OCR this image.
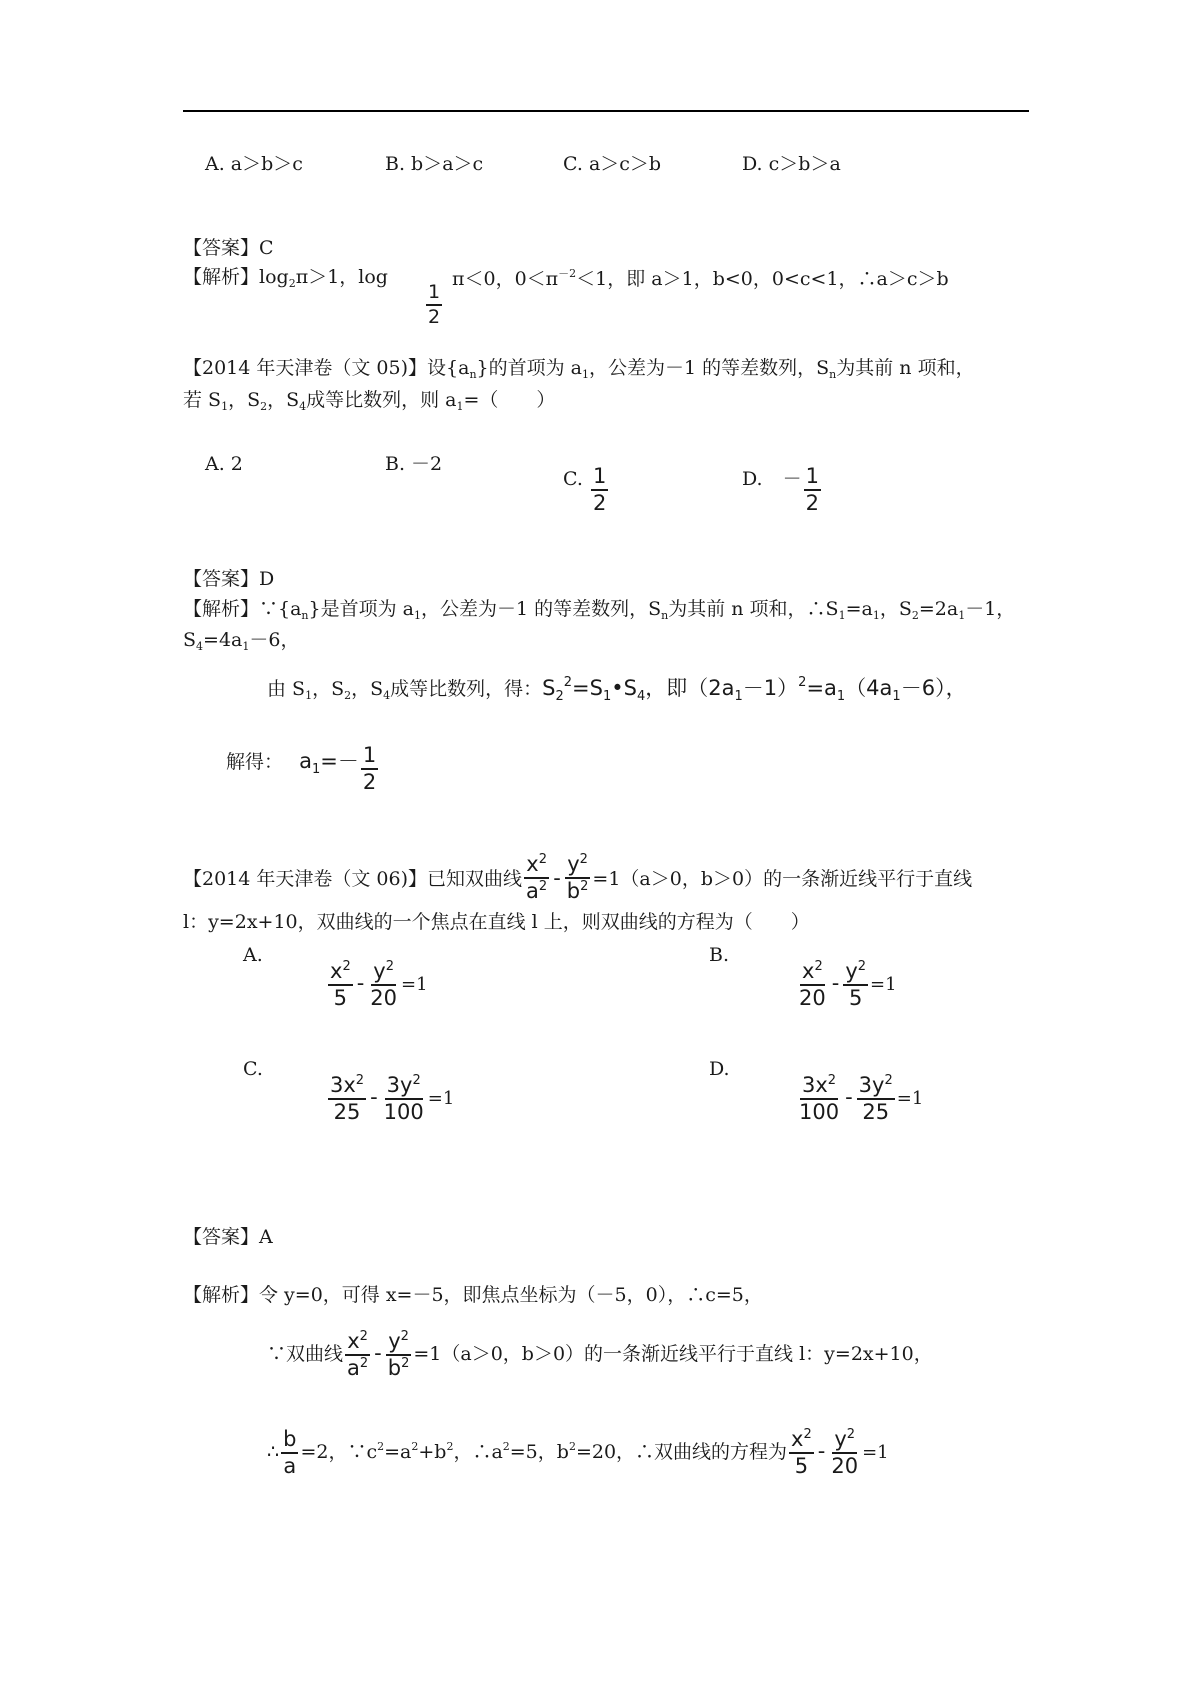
A. a＞b＞c	B. b＞a＞c	C. a＞c＞b	D. c＞b＞a
【答案】C
【解析】$\log_2\pi>1$，log
$\frac{1}{2}$
π＜0，$0<\pi^{-2}<1$，即 a＞1，b<0，0<c<1，∴a＞c＞b
【2014 年天津卷（文 05)】设$\{a_n\}$的首项为 $a_1$，公差为－1 的等差数列，$S_n$为其前 n 项和，
若 $S_1$，$S_2$，$S_4$成等比数列，则 $a_1=$（　　）
A. 2	B. －2
C. $\frac{1}{2}$	D. － $\frac{1}{2}$
【答案】D
【解析】$\because\{a_n\}$是首项为 $a_1$，公差为－1 的等差数列，$S_n$为其前 n 项和，$\therefore S_1=a_1$，$S_2=2a_1-1$，
$S_4=4a_1-6$，
由 $S_1$，$S_2$，$S_4$成等比数列，得：$S_2^2=S_1•S_4$，即$(2a_1-1)^2=a_1(4a_1-6)$，
解得： $a_1=- \frac{1}{2}$
【2014 年天津卷（文 06)】已知双曲线 $\frac{x^2}{a^2} - \frac{y^2}{b^2} =1(a>0$，b＞0）的一条渐近线平行于直线
l：y=2x+10，双曲线的一个焦点在直线 l 上，则双曲线的方程为（　　）
A.
$\frac{x^2}{5} - \frac{y^2}{20} =1$
B.
$\frac{x^2}{20} - \frac{y^2}{5} =1$
C.
$\frac{3x^2}{25} - \frac{3y^2}{100} =1$
D.
$\frac{3x^2}{100} - \frac{3y^2}{25} =1$
【答案】A
【解析】令 y=0，可得 x=－5，即焦点坐标为（－5，0），∴c=5，
∵双曲线 $\frac{x^2}{a^2} - \frac{y^2}{b^2} =1(a>0$，b＞0）的一条渐近线平行于直线 l：y=2x+10，
∴ $\frac{b}{a} =2$，$\because c^2=a^2+b^2$，$\therefore a^2=5$，$b^2=20$，∴双曲线的方程为 $\frac{x^2}{5} - \frac{y^2}{20} =1$
